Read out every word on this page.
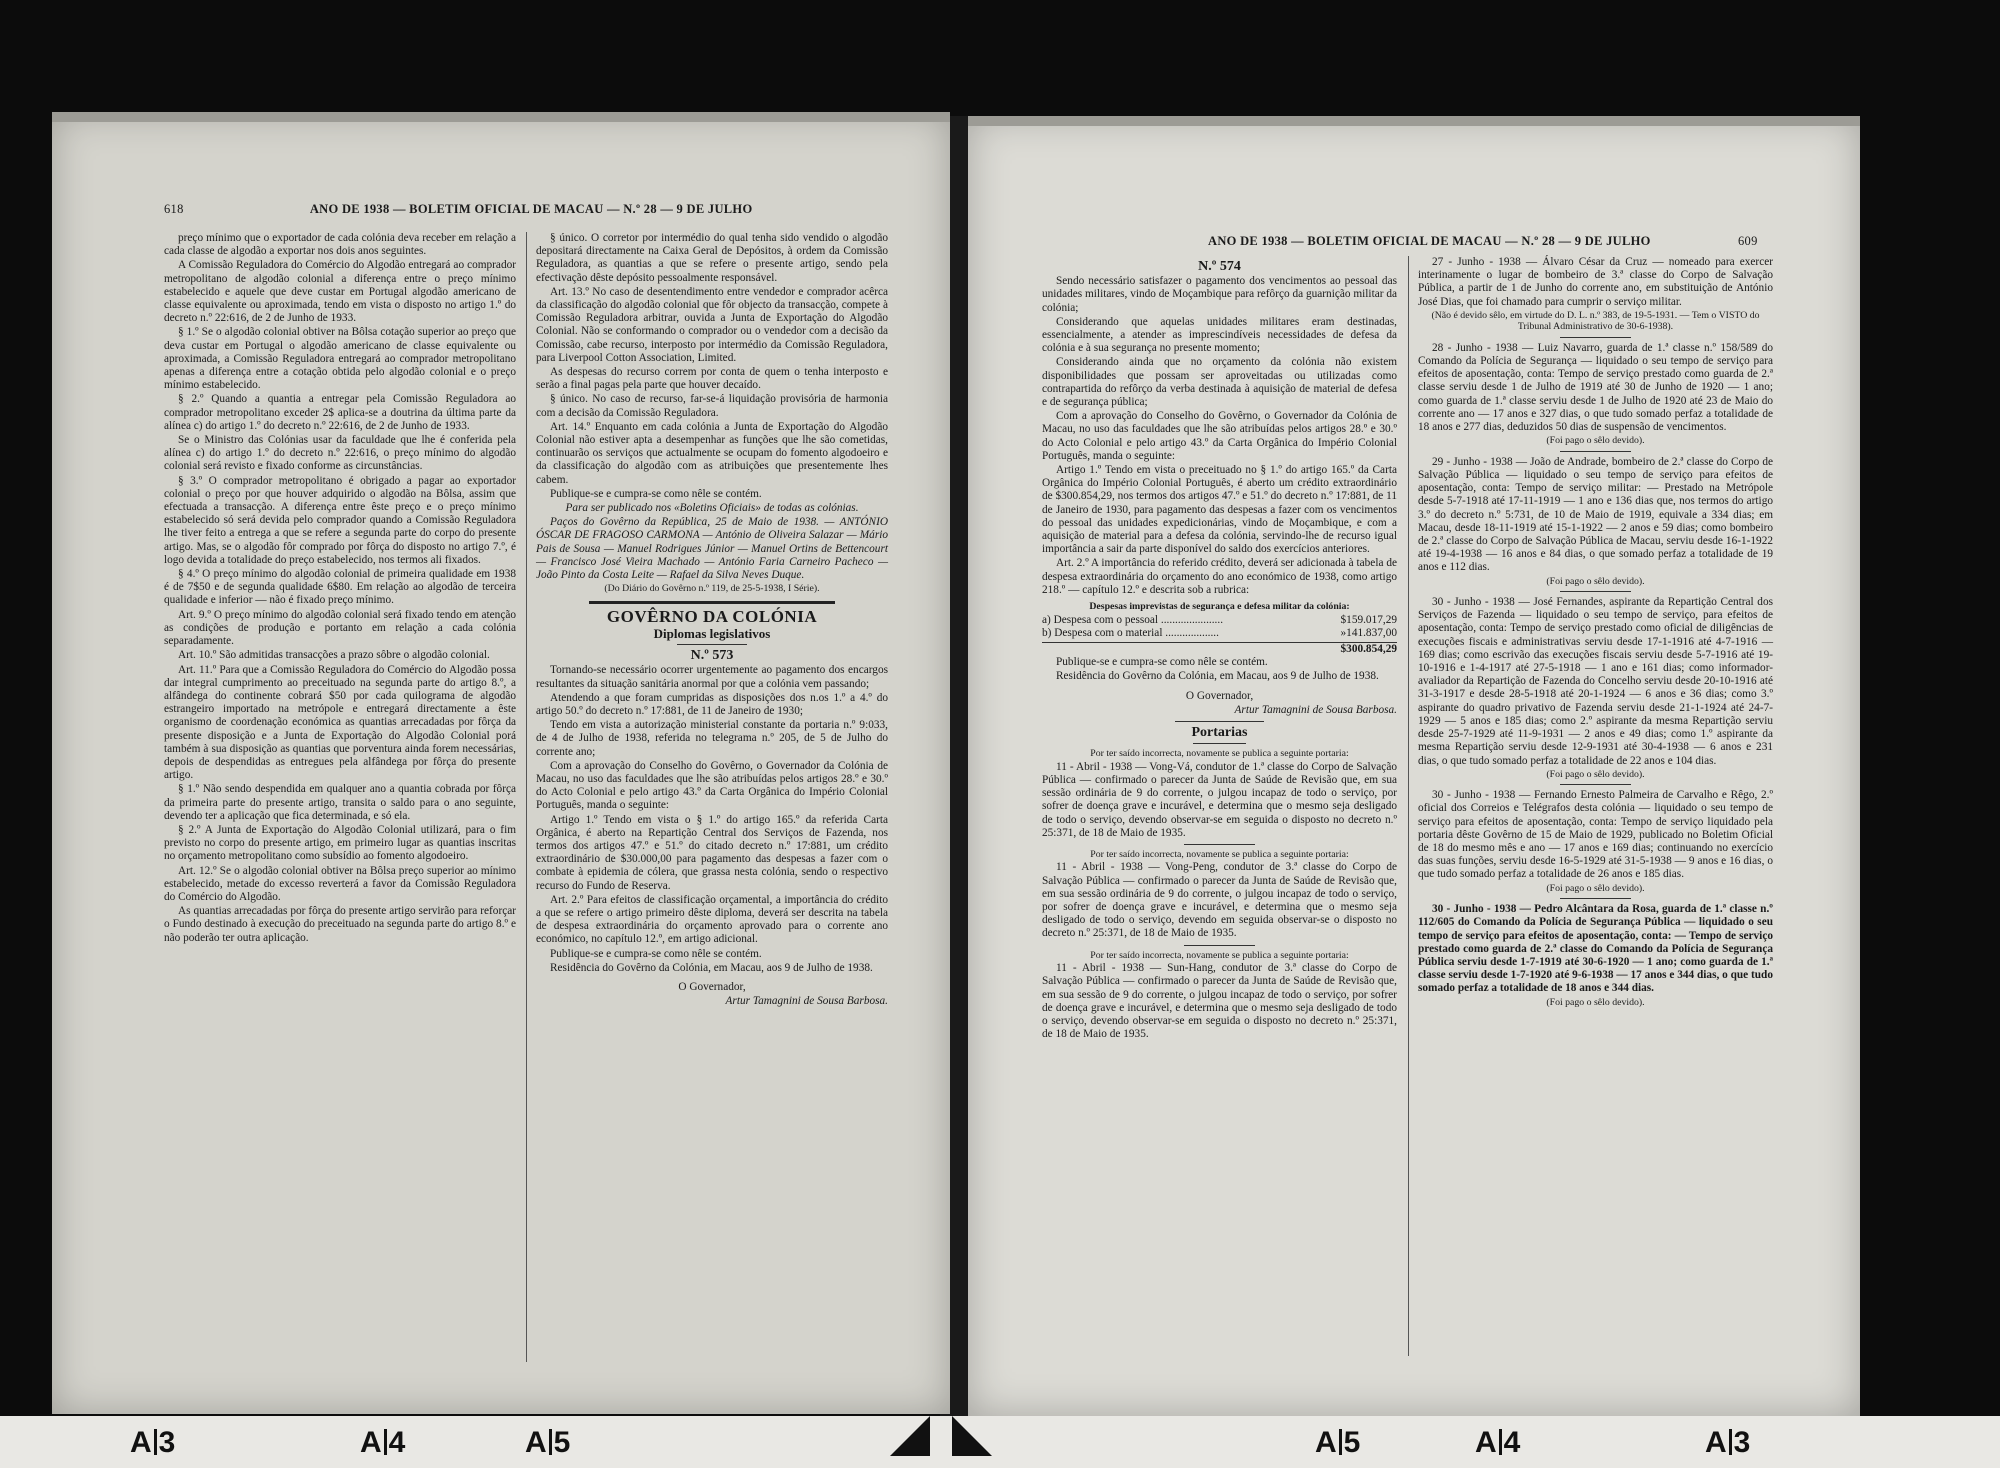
618	ANO DE 1938 — BOLETIM OFICIAL DE MACAU — N.º 28 — 9 DE JULHO

preço mínimo que o exportador de cada colónia deva receber em relação a cada classe de algodão a exportar nos dois anos seguintes.

A Comissão Reguladora do Comércio do Algodão entregará ao comprador metropolitano de algodão colonial a diferença entre o preço mínimo estabelecido e aquele que deve custar em Portugal algodão americano de classe equivalente ou aproximada, tendo em vista o disposto no artigo 1.º do decreto n.º 22:616, de 2 de Junho de 1933.

§ 1.º Se o algodão colonial obtiver na Bôlsa cotação superior ao preço que deva custar em Portugal o algodão americano de classe equivalente ou aproximada, a Comissão Reguladora entregará ao comprador metropolitano apenas a diferença entre a cotação obtida pelo algodão colonial e o preço mínimo estabelecido.

§ 2.º Quando a quantia a entregar pela Comissão Reguladora ao comprador metropolitano exceder 2$ aplica-se a doutrina da última parte da alínea c) do artigo 1.º do decreto n.º 22:616, de 2 de Junho de 1933.

Se o Ministro das Colónias usar da faculdade que lhe é conferida pela alínea c) do artigo 1.º do decreto n.º 22:616, o preço mínimo do algodão colonial será revisto e fixado conforme as circunstâncias.

§ 3.º O comprador metropolitano é obrigado a pagar ao exportador colonial o preço por que houver adquirido o algodão na Bôlsa, assim que efectuada a transacção. A diferença entre êste preço e o preço mínimo estabelecido só será devida pelo comprador quando a Comissão Reguladora lhe tiver feito a entrega a que se refere a segunda parte do corpo do presente artigo. Mas, se o algodão fôr comprado por fôrça do disposto no artigo 7.º, é logo devida a totalidade do preço estabelecido, nos termos ali fixados.

§ 4.º O preço mínimo do algodão colonial de primeira qualidade em 1938 é de 7$50 e de segunda qualidade 6$80. Em relação ao algodão de terceira qualidade e inferior — não é fixado preço mínimo.

Art. 9.º O preço mínimo do algodão colonial será fixado tendo em atenção as condições de produção e portanto em relação a cada colónia separadamente.

Art. 10.º São admitidas transacções a prazo sôbre o algodão colonial.

Art. 11.º Para que a Comissão Reguladora do Comércio do Algodão possa dar integral cumprimento ao preceituado na segunda parte do artigo 8.º, a alfândega do continente cobrará $50 por cada quilograma de algodão estrangeiro importado na metrópole e entregará directamente a êste organismo de coordenação económica as quantias arrecadadas por fôrça da presente disposição e a Junta de Exportação do Algodão Colonial porá também à sua disposição as quantias que porventura ainda forem necessárias, depois de despendidas as entregues pela alfândega por fôrça do presente artigo.

§ 1.º Não sendo despendida em qualquer ano a quantia cobrada por fôrça da primeira parte do presente artigo, transita o saldo para o ano seguinte, devendo ter a aplicação que fica determinada, e só ela.

§ 2.º A Junta de Exportação do Algodão Colonial utilizará, para o fim previsto no corpo do presente artigo, em primeiro lugar as quantias inscritas no orçamento metropolitano como subsídio ao fomento algodoeiro.

Art. 12.º Se o algodão colonial obtiver na Bôlsa preço superior ao mínimo estabelecido, metade do excesso reverterá a favor da Comissão Reguladora do Comércio do Algodão.

As quantias arrecadadas por fôrça do presente artigo servirão para reforçar o Fundo destinado à execução do preceituado na segunda parte do artigo 8.º e não poderão ter outra aplicação.

§ único. O corretor por intermédio do qual tenha sido vendido o algodão depositará directamente na Caixa Geral de Depósitos, à ordem da Comissão Reguladora, as quantias a que se refere o presente artigo, sendo pela efectivação dêste depósito pessoalmente responsável.

Art. 13.º No caso de desentendimento entre vendedor e comprador acêrca da classificação do algodão colonial que fôr objecto da transacção, compete à Comissão Reguladora arbitrar, ouvida a Junta de Exportação do Algodão Colonial. Não se conformando o comprador ou o vendedor com a decisão da Comissão, cabe recurso, interposto por intermédio da Comissão Reguladora, para Liverpool Cotton Association, Limited.

As despesas do recurso correm por conta de quem o tenha interposto e serão a final pagas pela parte que houver decaído.

§ único. No caso de recurso, far-se-á liquidação provisória de harmonia com a decisão da Comissão Reguladora.

Art. 14.º Enquanto em cada colónia a Junta de Exportação do Algodão Colonial não estiver apta a desempenhar as funções que lhe são cometidas, continuarão os serviços que actualmente se ocupam do fomento algodoeiro e da classificação do algodão com as atribuições que presentemente lhes cabem.

Publique-se e cumpra-se como nêle se contém.

Para ser publicado nos «Boletins Oficiais» de todas as colónias.

Paços do Govêrno da República, 25 de Maio de 1938. — ANTÓNIO ÓSCAR DE FRAGOSO CARMONA — António de Oliveira Salazar — Mário Pais de Sousa — Manuel Rodrigues Júnior — Manuel Ortins de Bettencourt — Francisco José Vieira Machado — António Faria Carneiro Pacheco — João Pinto da Costa Leite — Rafael da Silva Neves Duque.

(Do Diário do Govêrno n.º 119, de 25-5-1938, I Série).

GOVÊRNO DA COLÓNIA
Diplomas legislativos
N.º 573

Tornando-se necessário ocorrer urgentemente ao pagamento dos encargos resultantes da situação sanitária anormal por que a colónia vem passando;

Atendendo a que foram cumpridas as disposições dos n.os 1.º a 4.º do artigo 50.º do decreto n.º 17:881, de 11 de Janeiro de 1930;

Tendo em vista a autorização ministerial constante da portaria n.º 9:033, de 4 de Julho de 1938, referida no telegrama n.º 205, de 5 de Julho do corrente ano;

Com a aprovação do Conselho do Govêrno, o Governador da Colónia de Macau, no uso das faculdades que lhe são atribuídas pelos artigos 28.º e 30.º do Acto Colonial e pelo artigo 43.º da Carta Orgânica do Império Colonial Português, manda o seguinte:

Artigo 1.º Tendo em vista o § 1.º do artigo 165.º da referida Carta Orgânica, é aberto na Repartição Central dos Serviços de Fazenda, nos termos dos artigos 47.º e 51.º do citado decreto n.º 17:881, um crédito extraordinário de $30.000,00 para pagamento das despesas a fazer com o combate à epidemia de cólera, que grassa nesta colónia, sendo o respectivo recurso do Fundo de Reserva.

Art. 2.º Para efeitos de classificação orçamental, a importância do crédito a que se refere o artigo primeiro dêste diploma, deverá ser descrita na tabela de despesa extraordinária do orçamento aprovado para o corrente ano económico, no capítulo 12.º, em artigo adicional.

Publique-se e cumpra-se como nêle se contém.

Residência do Govêrno da Colónia, em Macau, aos 9 de Julho de 1938.

O Governador,

Artur Tamagnini de Sousa Barbosa.

ANO DE 1938 — BOLETIM OFICIAL DE MACAU — N.º 28 — 9 DE JULHO	609
N.º 574

Sendo necessário satisfazer o pagamento dos vencimentos ao pessoal das unidades militares, vindo de Moçambique para refôrço da guarnição militar da colónia;

Considerando que aquelas unidades militares eram destinadas, essencialmente, a atender as imprescindíveis necessidades de defesa da colónia e à sua segurança no presente momento;

Considerando ainda que no orçamento da colónia não existem disponibilidades que possam ser aproveitadas ou utilizadas como contrapartida do refôrço da verba destinada à aquisição de material de defesa e de segurança pública;

Com a aprovação do Conselho do Govêrno, o Governador da Colónia de Macau, no uso das faculdades que lhe são atribuídas pelos artigos 28.º e 30.º do Acto Colonial e pelo artigo 43.º da Carta Orgânica do Império Colonial Português, manda o seguinte:

Artigo 1.º Tendo em vista o preceituado no § 1.º do artigo 165.º da Carta Orgânica do Império Colonial Português, é aberto um crédito extraordinário de $300.854,29, nos termos dos artigos 47.º e 51.º do decreto n.º 17:881, de 11 de Janeiro de 1930, para pagamento das despesas a fazer com os vencimentos do pessoal das unidades expedicionárias, vindo de Moçambique, e com a aquisição de material para a defesa da colónia, servindo-lhe de recurso igual importância a sair da parte disponível do saldo dos exercícios anteriores.

Art. 2.º A importância do referido crédito, deverá ser adicionada à tabela de despesa extraordinária do orçamento do ano económico de 1938, como artigo 218.º — capítulo 12.º e descrita sob a rubrica:

Despesas imprevistas de segurança e defesa militar da colónia:

a) Despesa com o pessoal ......................	$159.017,29
b) Despesa com o material ...................	»141.837,00
$300.854,29

Publique-se e cumpra-se como nêle se contém.

Residência do Govêrno da Colónia, em Macau, aos 9 de Julho de 1938.

O Governador,

Artur Tamagnini de Sousa Barbosa.

Portarias

Por ter saído incorrecta, novamente se publica a seguinte portaria:

11 - Abril - 1938 — Vong-Vá, condutor de 1.ª classe do Corpo de Salvação Pública — confirmado o parecer da Junta de Saúde de Revisão que, em sua sessão ordinária de 9 do corrente, o julgou incapaz de todo o serviço, por sofrer de doença grave e incurável, e determina que o mesmo seja desligado de todo o serviço, devendo observar-se em seguida o disposto no decreto n.º 25:371, de 18 de Maio de 1935.

Por ter saído incorrecta, novamente se publica a seguinte portaria:

11 - Abril - 1938 — Vong-Peng, condutor de 3.ª classe do Corpo de Salvação Pública — confirmado o parecer da Junta de Saúde de Revisão que, em sua sessão ordinária de 9 do corrente, o julgou incapaz de todo o serviço, por sofrer de doença grave e incurável, e determina que o mesmo seja desligado de todo o serviço, devendo em seguida observar-se o disposto no decreto n.º 25:371, de 18 de Maio de 1935.

Por ter saído incorrecta, novamente se publica a seguinte portaria:

11 - Abril - 1938 — Sun-Hang, condutor de 3.ª classe do Corpo de Salvação Pública — confirmado o parecer da Junta de Saúde de Revisão que, em sua sessão de 9 do corrente, o julgou incapaz de todo o serviço, por sofrer de doença grave e incurável, e determina que o mesmo seja desligado de todo o serviço, devendo observar-se em seguida o disposto no decreto n.º 25:371, de 18 de Maio de 1935.

27 - Junho - 1938 — Álvaro César da Cruz — nomeado para exercer interinamente o lugar de bombeiro de 3.ª classe do Corpo de Salvação Pública, a partir de 1 de Junho do corrente ano, em substituição de António José Dias, que foi chamado para cumprir o serviço militar.

(Não é devido sêlo, em virtude do D. L. n.º 383, de 19-5-1931. — Tem o VISTO do Tribunal Administrativo de 30-6-1938).

28 - Junho - 1938 — Luiz Navarro, guarda de 1.ª classe n.º 158/589 do Comando da Polícia de Segurança — liquidado o seu tempo de serviço para efeitos de aposentação, conta: Tempo de serviço prestado como guarda de 2.ª classe serviu desde 1 de Julho de 1919 até 30 de Junho de 1920 — 1 ano; como guarda de 1.ª classe serviu desde 1 de Julho de 1920 até 23 de Maio do corrente ano — 17 anos e 327 dias, o que tudo somado perfaz a totalidade de 18 anos e 277 dias, deduzidos 50 dias de suspensão de vencimentos.

(Foi pago o sêlo devido).

29 - Junho - 1938 — João de Andrade, bombeiro de 2.ª classe do Corpo de Salvação Pública — liquidado o seu tempo de serviço para efeitos de aposentação, conta: Tempo de serviço militar: — Prestado na Metrópole desde 5-7-1918 até 17-11-1919 — 1 ano e 136 dias que, nos termos do artigo 3.º do decreto n.º 5:731, de 10 de Maio de 1919, equivale a 334 dias; em Macau, desde 18-11-1919 até 15-1-1922 — 2 anos e 59 dias; como bombeiro de 2.ª classe do Corpo de Salvação Pública de Macau, serviu desde 16-1-1922 até 19-4-1938 — 16 anos e 84 dias, o que somado perfaz a totalidade de 19 anos e 112 dias.

(Foi pago o sêlo devido).

30 - Junho - 1938 — José Fernandes, aspirante da Repartição Central dos Serviços de Fazenda — liquidado o seu tempo de serviço, para efeitos de aposentação, conta: Tempo de serviço prestado como oficial de diligências de execuções fiscais e administrativas serviu desde 17-1-1916 até 4-7-1916 — 169 dias; como escrivão das execuções fiscais serviu desde 5-7-1916 até 19-10-1916 e 1-4-1917 até 27-5-1918 — 1 ano e 161 dias; como informador-avaliador da Repartição de Fazenda do Concelho serviu desde 20-10-1916 até 31-3-1917 e desde 28-5-1918 até 20-1-1924 — 6 anos e 36 dias; como 3.º aspirante do quadro privativo de Fazenda serviu desde 21-1-1924 até 24-7-1929 — 5 anos e 185 dias; como 2.º aspirante da mesma Repartição serviu desde 25-7-1929 até 11-9-1931 — 2 anos e 49 dias; como 1.º aspirante da mesma Repartição serviu desde 12-9-1931 até 30-4-1938 — 6 anos e 231 dias, o que tudo somado perfaz a totalidade de 22 anos e 104 dias.

(Foi pago o sêlo devido).

30 - Junho - 1938 — Fernando Ernesto Palmeira de Carvalho e Rêgo, 2.º oficial dos Correios e Telégrafos desta colónia — liquidado o seu tempo de serviço para efeitos de aposentação, conta: Tempo de serviço liquidado pela portaria dêste Govêrno de 15 de Maio de 1929, publicado no Boletim Oficial de 18 do mesmo mês e ano — 17 anos e 169 dias; continuando no exercício das suas funções, serviu desde 16-5-1929 até 31-5-1938 — 9 anos e 16 dias, o que tudo somado perfaz a totalidade de 26 anos e 185 dias.

(Foi pago o sêlo devido).

30 - Junho - 1938 — Pedro Alcântara da Rosa, guarda de 1.ª classe n.º 112/605 do Comando da Polícia de Segurança Pública — liquidado o seu tempo de serviço para efeitos de aposentação, conta: — Tempo de serviço prestado como guarda de 2.ª classe do Comando da Polícia de Segurança Pública serviu desde 1-7-1919 até 30-6-1920 — 1 ano; como guarda de 1.ª classe serviu desde 1-7-1920 até 9-6-1938 — 17 anos e 344 dias, o que tudo somado perfaz a totalidade de 18 anos e 344 dias.

(Foi pago o sêlo devido).

A 3	A 4	A 5	A 5	A 4	A 3
